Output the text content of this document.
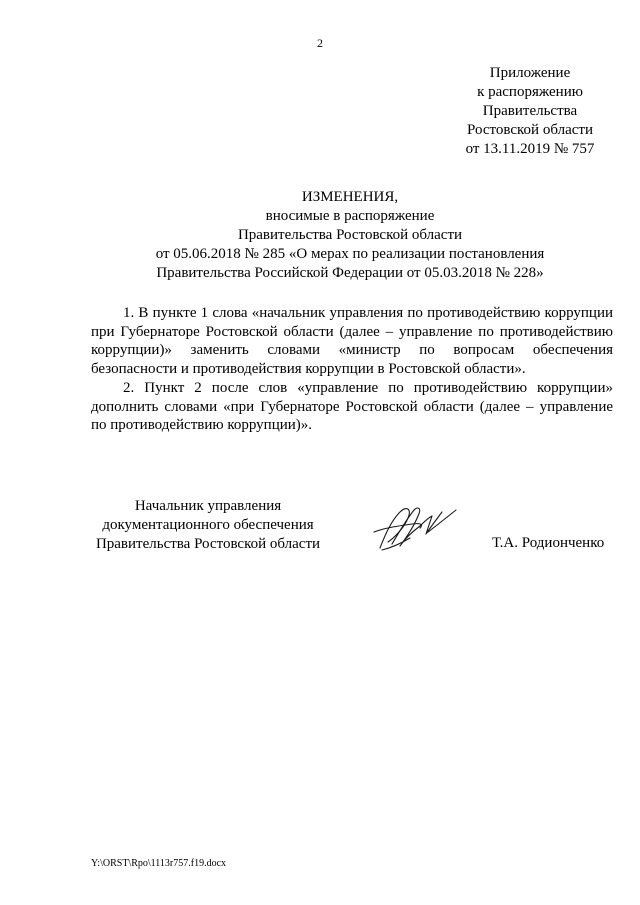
2
Приложение
к распоряжению
Правительства
Ростовской области
от 13.11.2019 № 757
ИЗМЕНЕНИЯ,
вносимые в распоряжение
Правительства Ростовской области
от 05.06.2018 № 285 «О мерах по реализации постановления
Правительства Российской Федерации от 05.03.2018 № 228»

1. В пункте 1 слова «начальник управления по противодействию коррупции при Губернаторе Ростовской области (далее – управление по противодействию коррупции)» заменить словами «министр по вопросам обеспечения безопасности и противодействия коррупции в Ростовской области».

2. Пункт 2 после слов «управление по противодействию коррупции» дополнить словами «при Губернаторе Ростовской области (далее – управление по противодействию коррупции)».

Начальник управления
документационного обеспечения
Правительства Ростовской области	Т.А. Родионченко
Y:\ORST\Rpo\1113r757.f19.docx
